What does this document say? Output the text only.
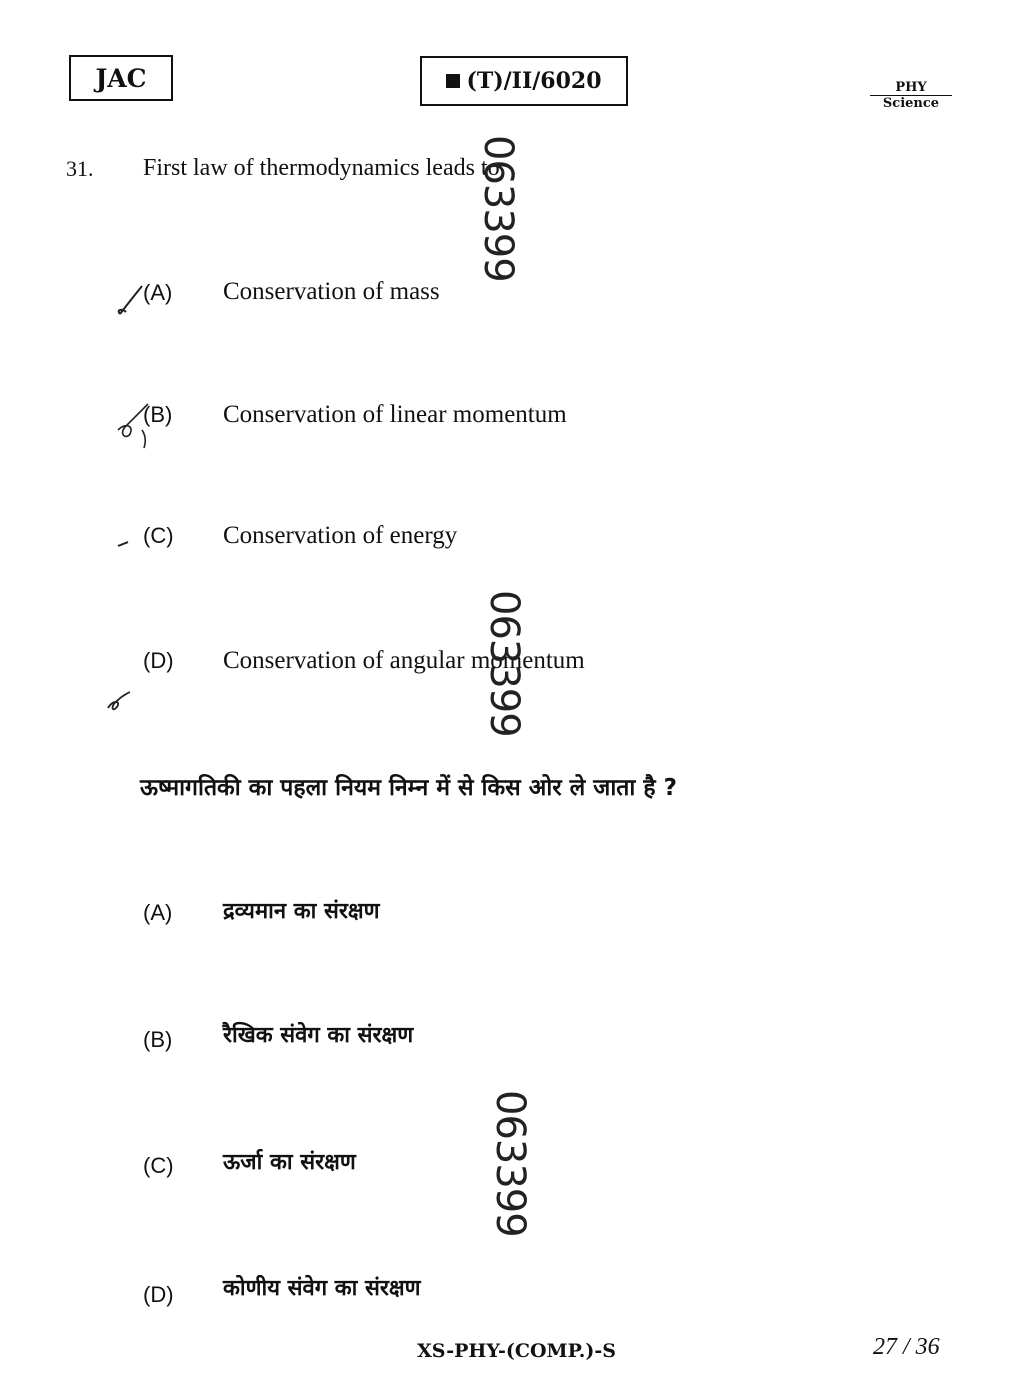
JAC	(T)/II/6020	PHY
Science
31. First law of thermodynamics leads to
(A) Conservation of mass
(B) Conservation of linear momentum
(C) Conservation of energy
(D) Conservation of angular momentum
ऊष्मागतिकी का पहला नियम निम्न में से किस ओर ले जाता है ?
(A) द्रव्यमान का संरक्षण
(B) रैखिक संवेग का संरक्षण
(C) ऊर्जा का संरक्षण
(D) कोणीय संवेग का संरक्षण
063399
063399
063399
XS-PHY-(COMP.)-S	27 / 36
